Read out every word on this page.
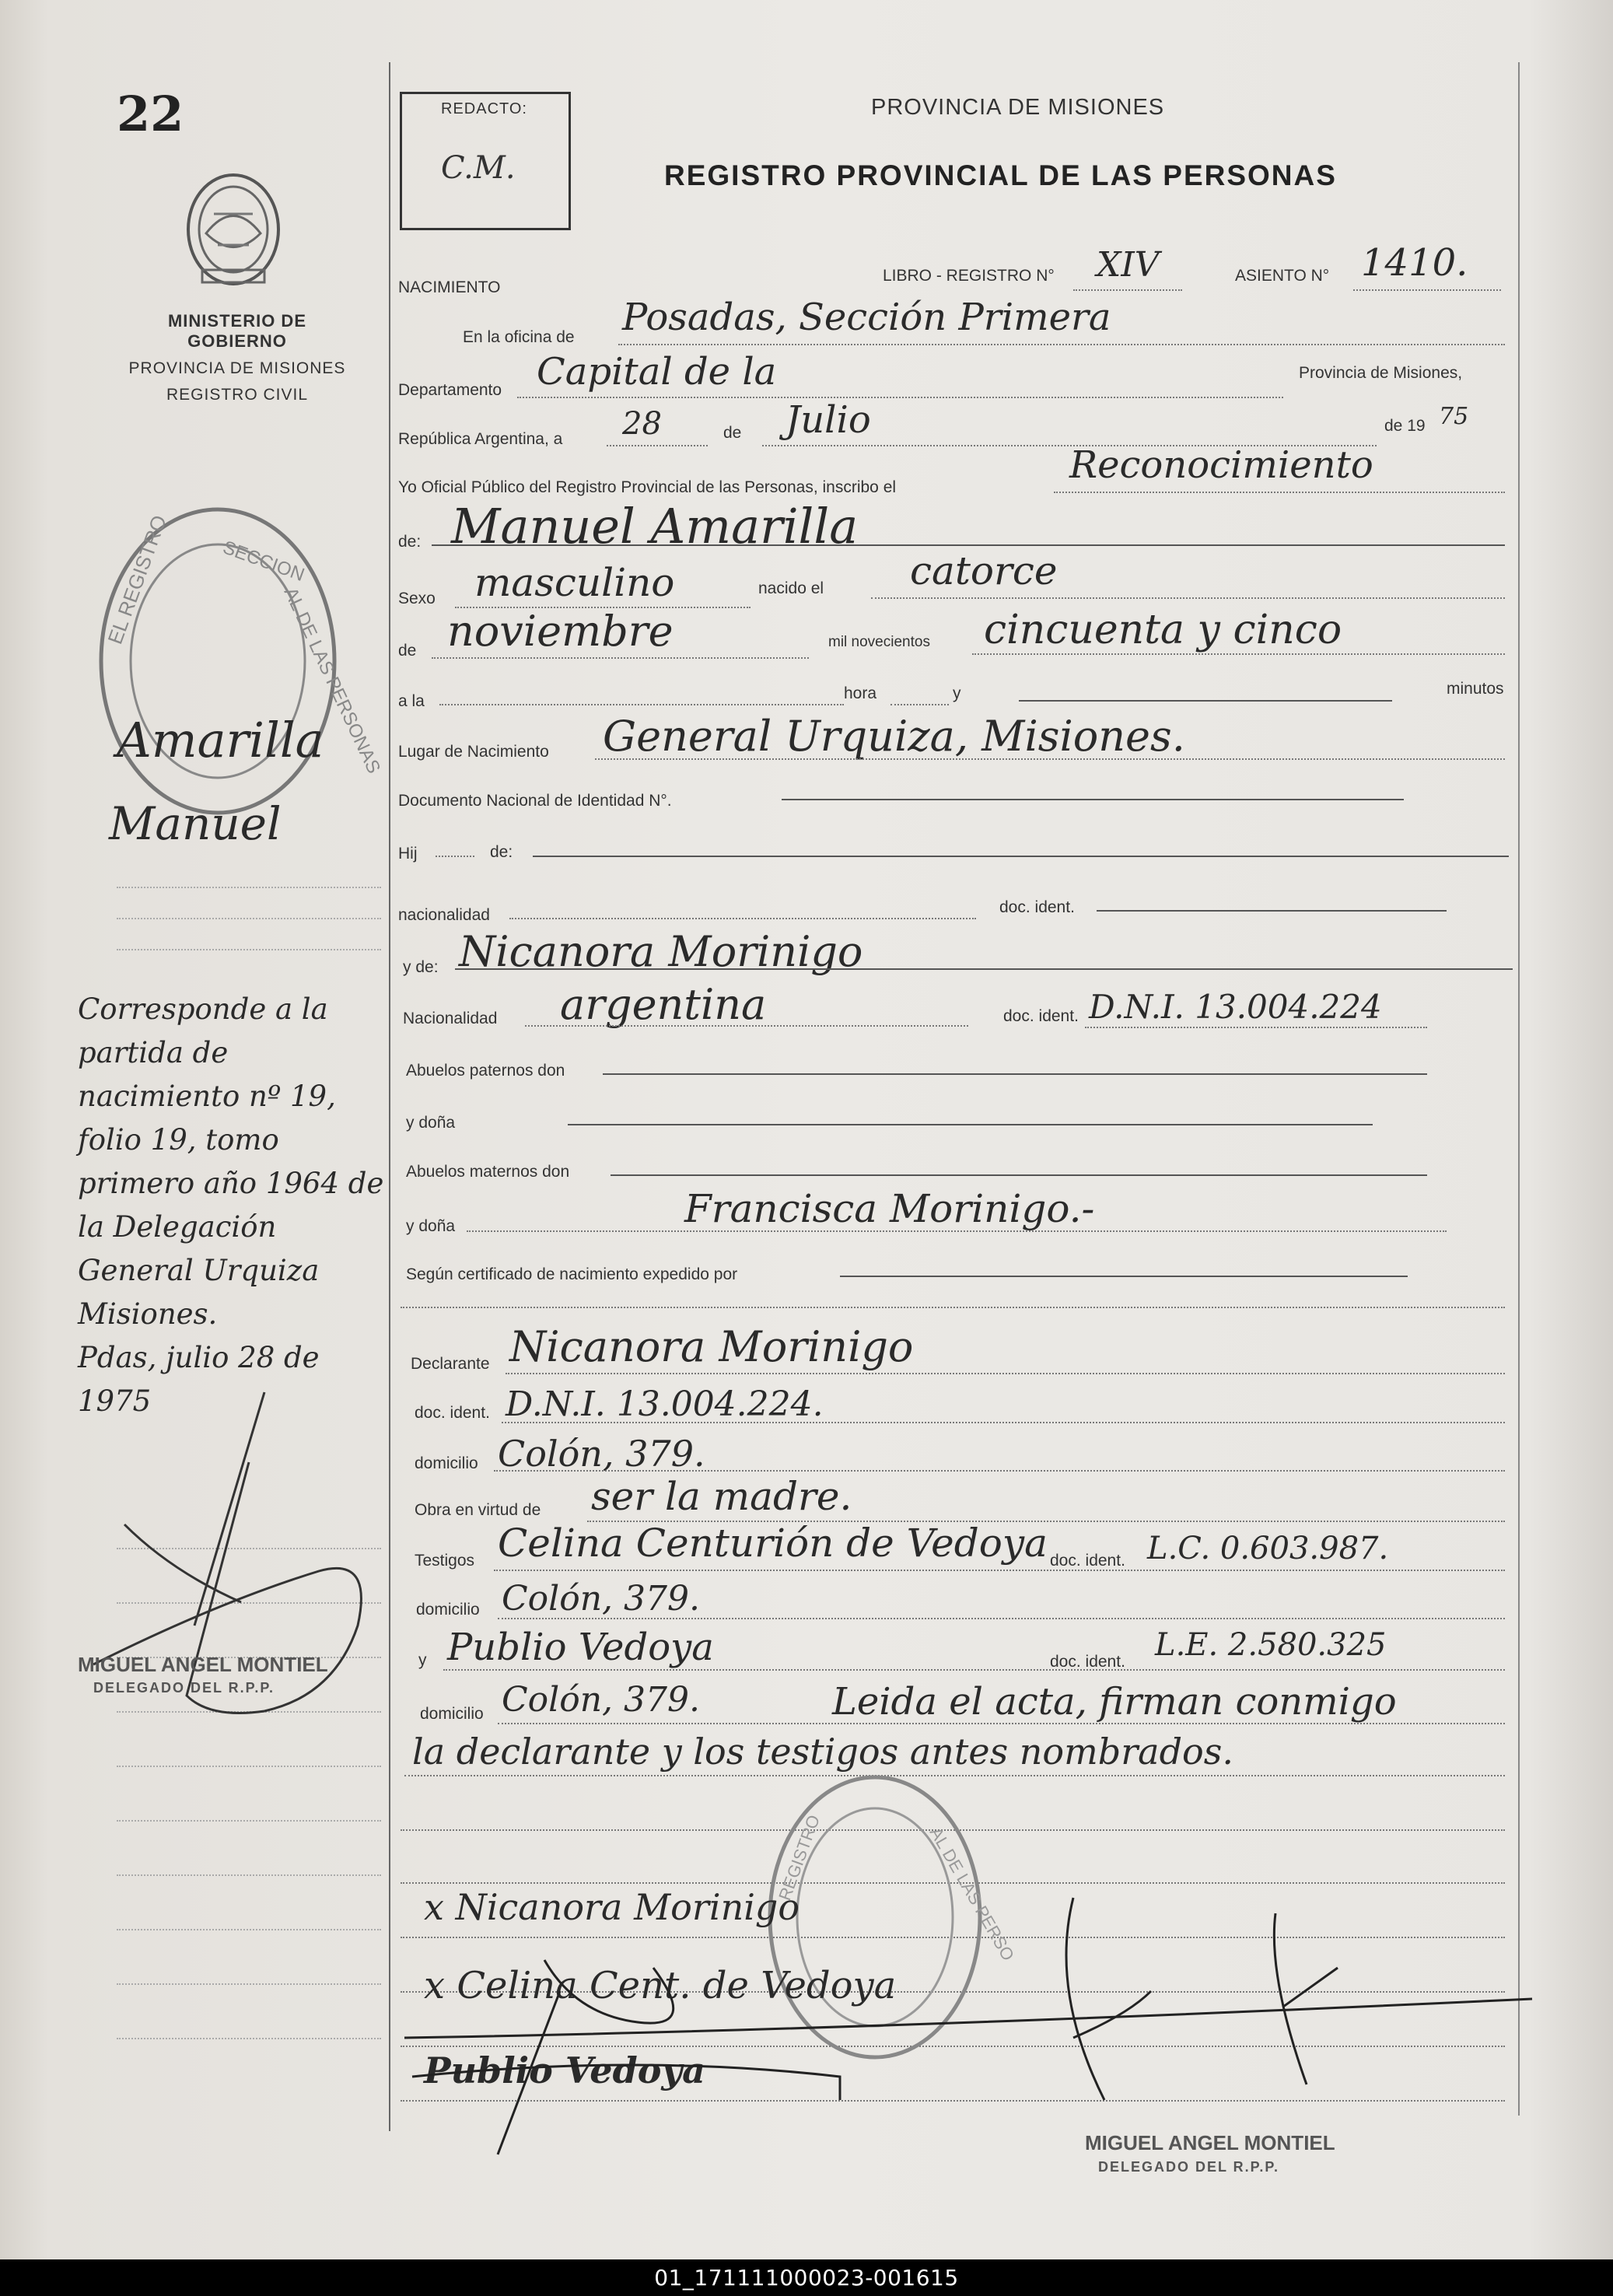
22
MINISTERIO DE GOBIERNO
PROVINCIA DE MISIONES
REGISTRO CIVIL
EL REGISTRO	SECCION
AL DE LAS PERSONAS
Amarilla
Manuel
Corresponde a la partida de nacimiento nº 19, folio 19, tomo primero año 1964 de la Delegación General Urquiza Misiones.
Pdas, julio 28 de 1975
MIGUEL ANGEL MONTIEL
DELEGADO DEL R.P.P.
REDACTO:
C.M.
PROVINCIA DE MISIONES
REGISTRO PROVINCIAL DE LAS PERSONAS
NACIMIENTO
LIBRO - REGISTRO N° XIV	ASIENTO N° 1410.
En la oficina de Posadas, Sección Primera
Departamento Capital de la	Provincia de Misiones,
República Argentina, a 28	de Julio	de 19 75
Yo Oficial Público del Registro Provincial de las Personas, inscribo el
Reconocimiento
de: Manuel Amarilla
Sexo masculino	nacido el catorce
de noviembre	mil novecientos cincuenta y cinco
a la	hora	y	minutos
Lugar de Nacimiento General Urquiza, Misiones.
Documento Nacional de Identidad N°.
Hij	de:
nacionalidad	doc. ident.
y de: Nicanora Morinigo
Nacionalidad argentina	doc. ident. D.N.I. 13.004.224
Abuelos paternos don
y doña
Abuelos maternos don
y doña	Francisca Morinigo.-
Según certificado de nacimiento expedido por
Declarante Nicanora Morinigo
doc. ident. D.N.I. 13.004.224.
domicilio Colón, 379.
Obra en virtud de ser la madre.
Testigos Celina Centurión de Vedoya doc. ident. L.C. 0.603.987.
domicilio Colón, 379.
y Publio Vedoya	doc. ident. L.E. 2.580.325
domicilio Colón, 379.	Leida el acta, firman conmigo
la declarante y los testigos antes nombrados.
REGISTRO	AL DE LAS PERSO
x Nicanora Morinigo
x Celina Cent. de Vedoya
Publio Vedoya
MIGUEL ANGEL MONTIEL
DELEGADO DEL R.P.P.
01_171111000023-001615
